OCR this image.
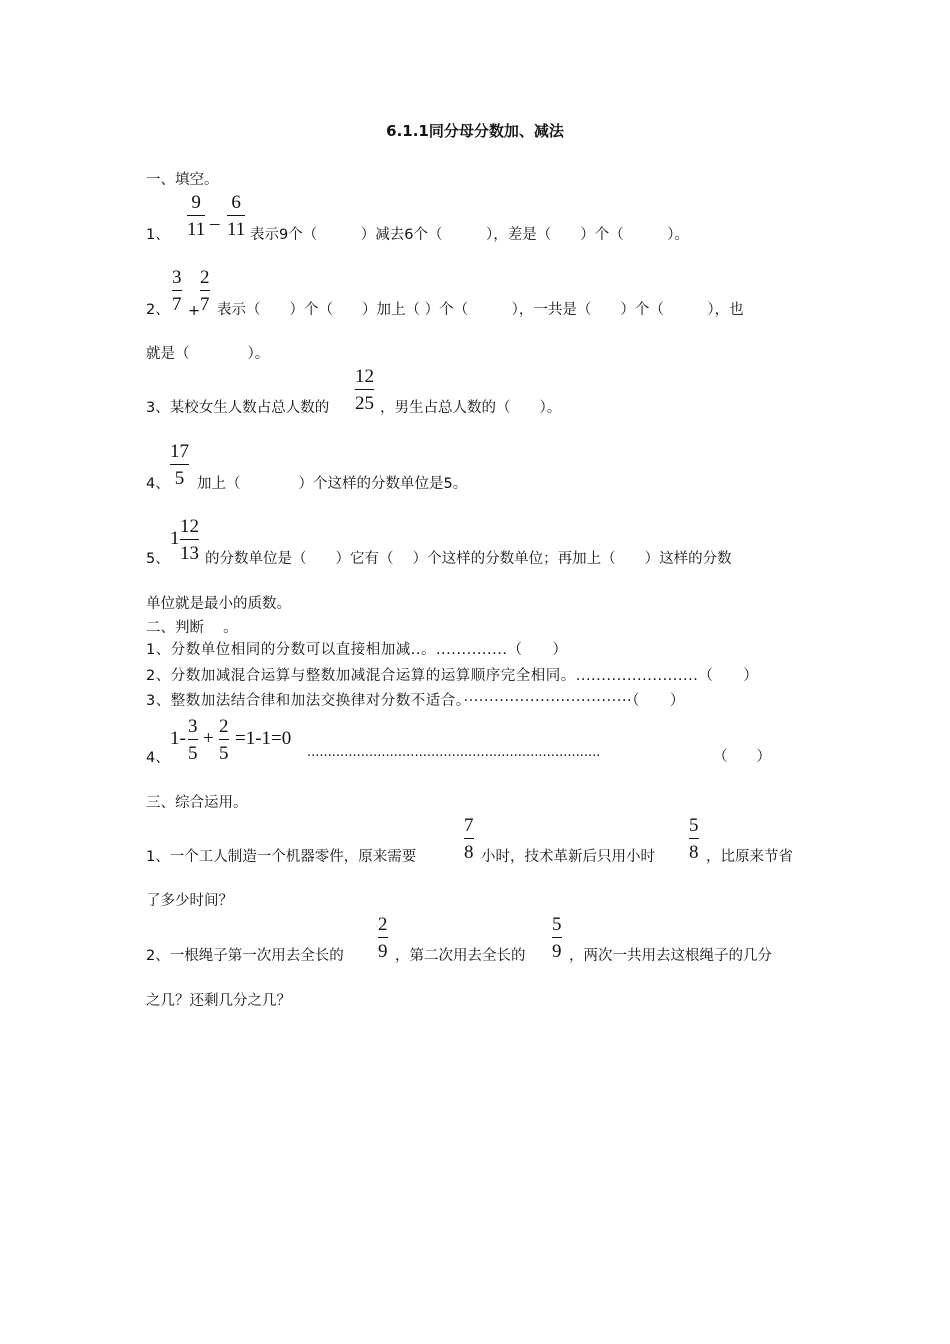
6.1.1同分母分数加、减法
一、填空。
1、
9
11 –
6
11 表示9个（　　　）减去6个（　　　），差是（　　）个（　　　）。
2、
3
7 +
2
7 表示（　　）个（　　）加上（ ）个（　　　），一共是（　　）个（　　　），也
就是（　　　　）。
3、某校女生人数占总人数的
12
25 ，男生占总人数的（　　）。
4、
17
5 加上（　　　　）个这样的分数单位是5。
5、
1
12
13 的分数单位是（　　）它有（　 ）个这样的分数单位；再加上（　　）这样的分数
单位就是最小的质数。
二、判断　 。
1、分数单位相同的分数可以直接相加减..。..............（　　）
2、分数加减混合运算与整数加减混合运算的运算顺序完全相同。........................（　　）
3、整数加法结合律和加法交换律对分数不适合。·································（　　）
4、
1-
3
5
+
2
5
=1-1=0
·······································································	（　　）
三、综合运用。
1、一个工人制造一个机器零件，原来需要
7
8 小时，技术革新后只用小时
5
8 ，比原来节省
了多少时间？
2、一根绳子第一次用去全长的
2
9 ，第二次用去全长的
5
9 ，两次一共用去这根绳子的几分
之几？还剩几分之几？
